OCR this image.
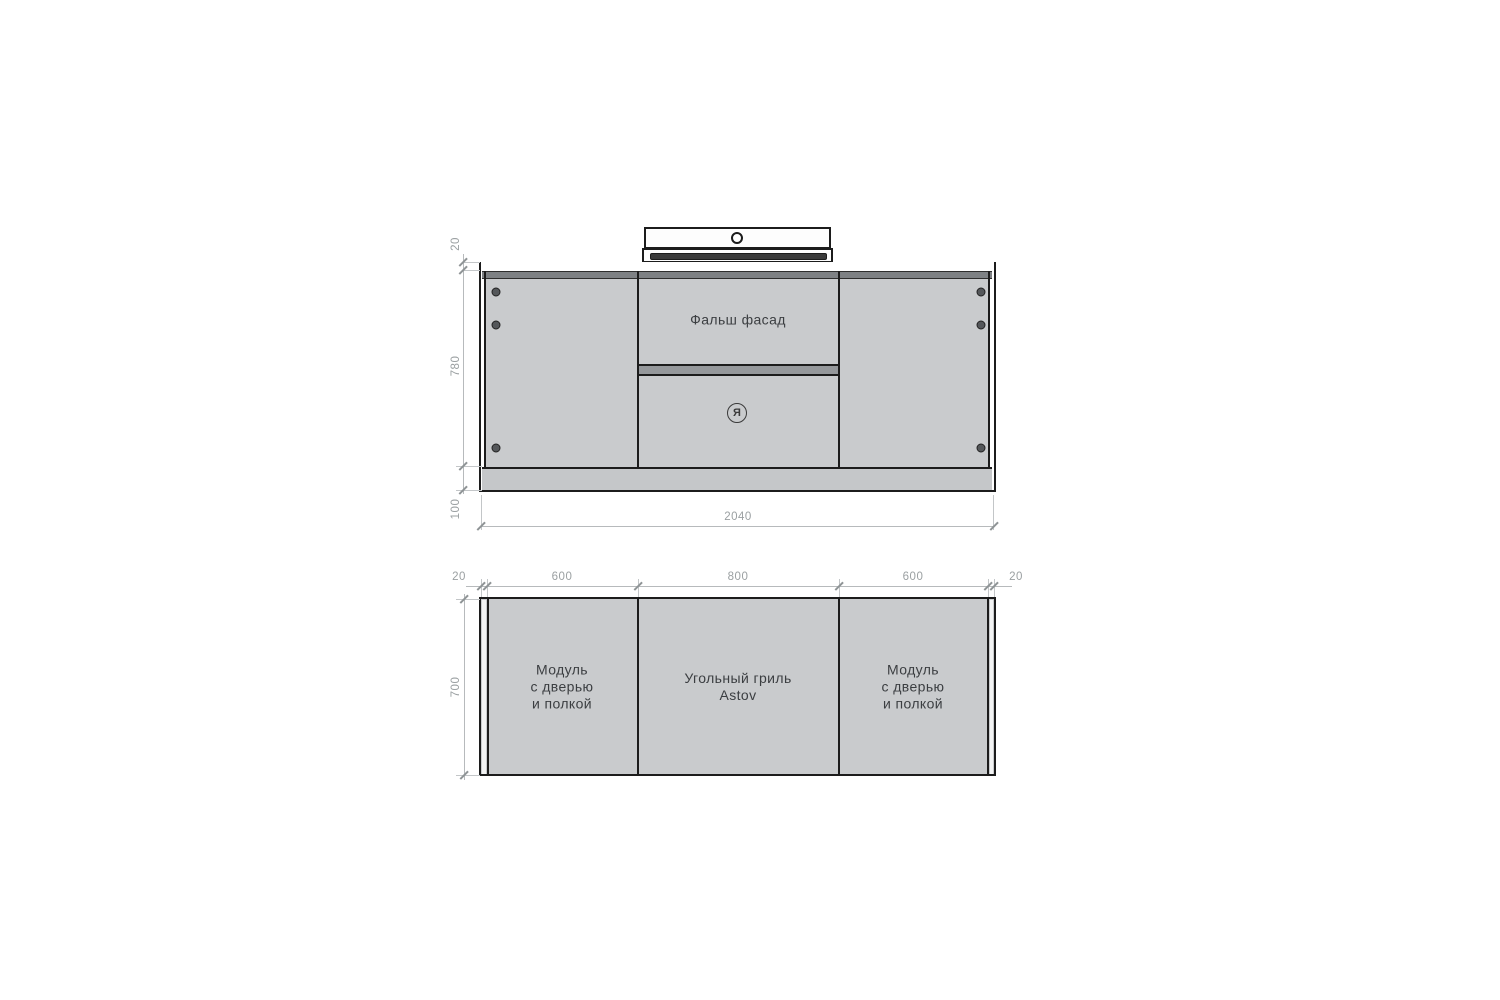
Фальш фасад
Я
20
780
100	2040
Модуль
с дверью
и полкой
Угольный гриль
Astov
Модуль
с дверью
и полкой
20	600	800	600	20
700
